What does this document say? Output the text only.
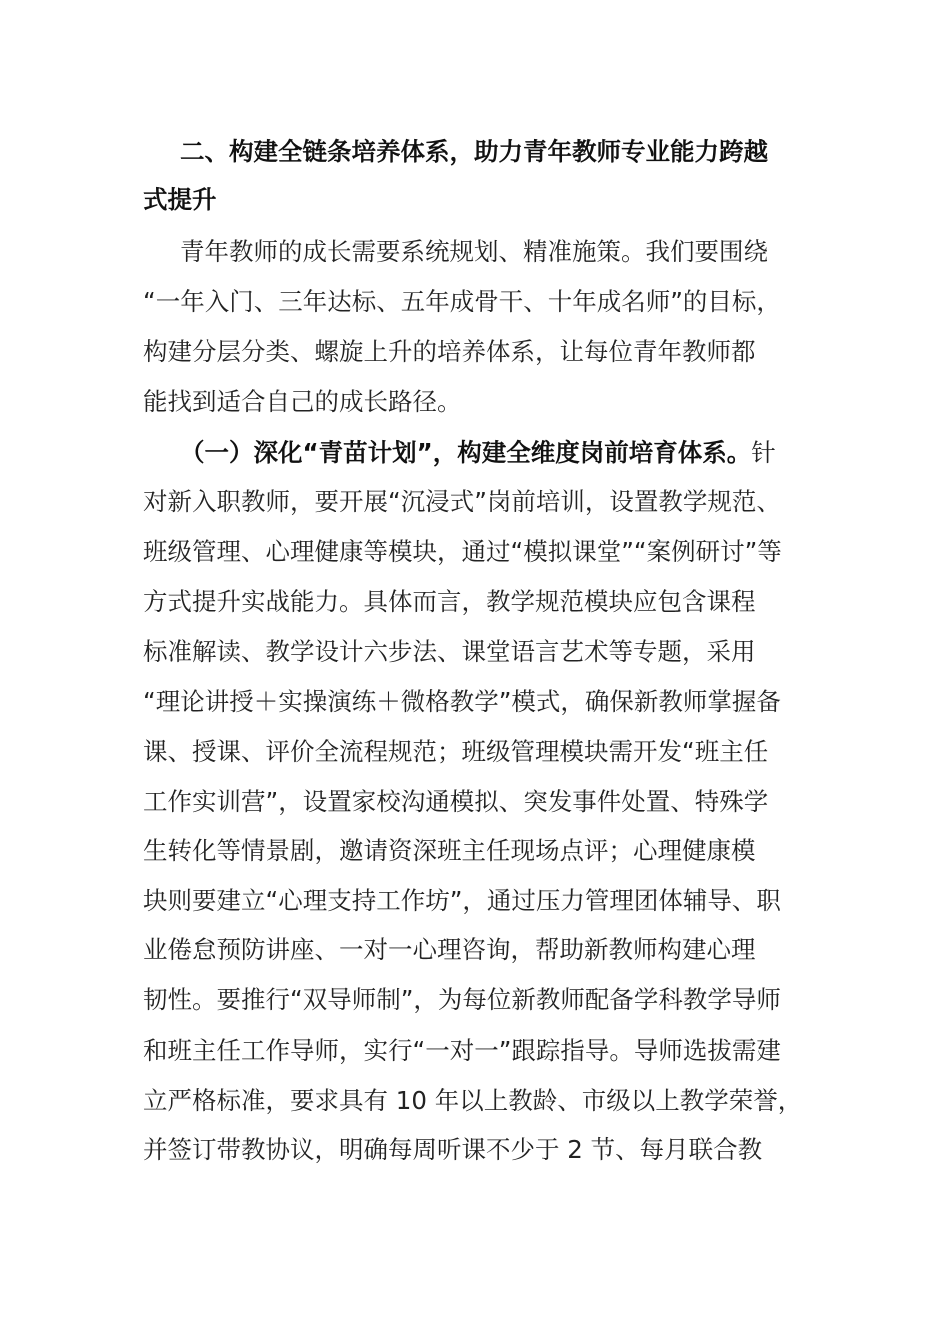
二、构建全链条培养体系，助力青年教师专业能力跨越
式提升
青年教师的成长需要系统规划、精准施策。我们要围绕
“一年入门、三年达标、五年成骨干、十年成名师”的目标，
构建分层分类、螺旋上升的培养体系，让每位青年教师都
能找到适合自己的成长路径。
（一）深化“青苗计划”，构建全维度岗前培育体系。针
对新入职教师，要开展“沉浸式”岗前培训，设置教学规范、
班级管理、心理健康等模块，通过“模拟课堂”“案例研讨”等
方式提升实战能力。具体而言，教学规范模块应包含课程
标准解读、教学设计六步法、课堂语言艺术等专题，采用
“理论讲授＋实操演练＋微格教学”模式，确保新教师掌握备
课、授课、评价全流程规范；班级管理模块需开发“班主任
工作实训营”，设置家校沟通模拟、突发事件处置、特殊学
生转化等情景剧，邀请资深班主任现场点评；心理健康模
块则要建立“心理支持工作坊”，通过压力管理团体辅导、职
业倦怠预防讲座、一对一心理咨询，帮助新教师构建心理
韧性。要推行“双导师制”，为每位新教师配备学科教学导师
和班主任工作导师，实行“一对一”跟踪指导。导师选拔需建
立严格标准，要求具有 10 年以上教龄、市级以上教学荣誉，
并签订带教协议，明确每周听课不少于 2 节、每月联合教
